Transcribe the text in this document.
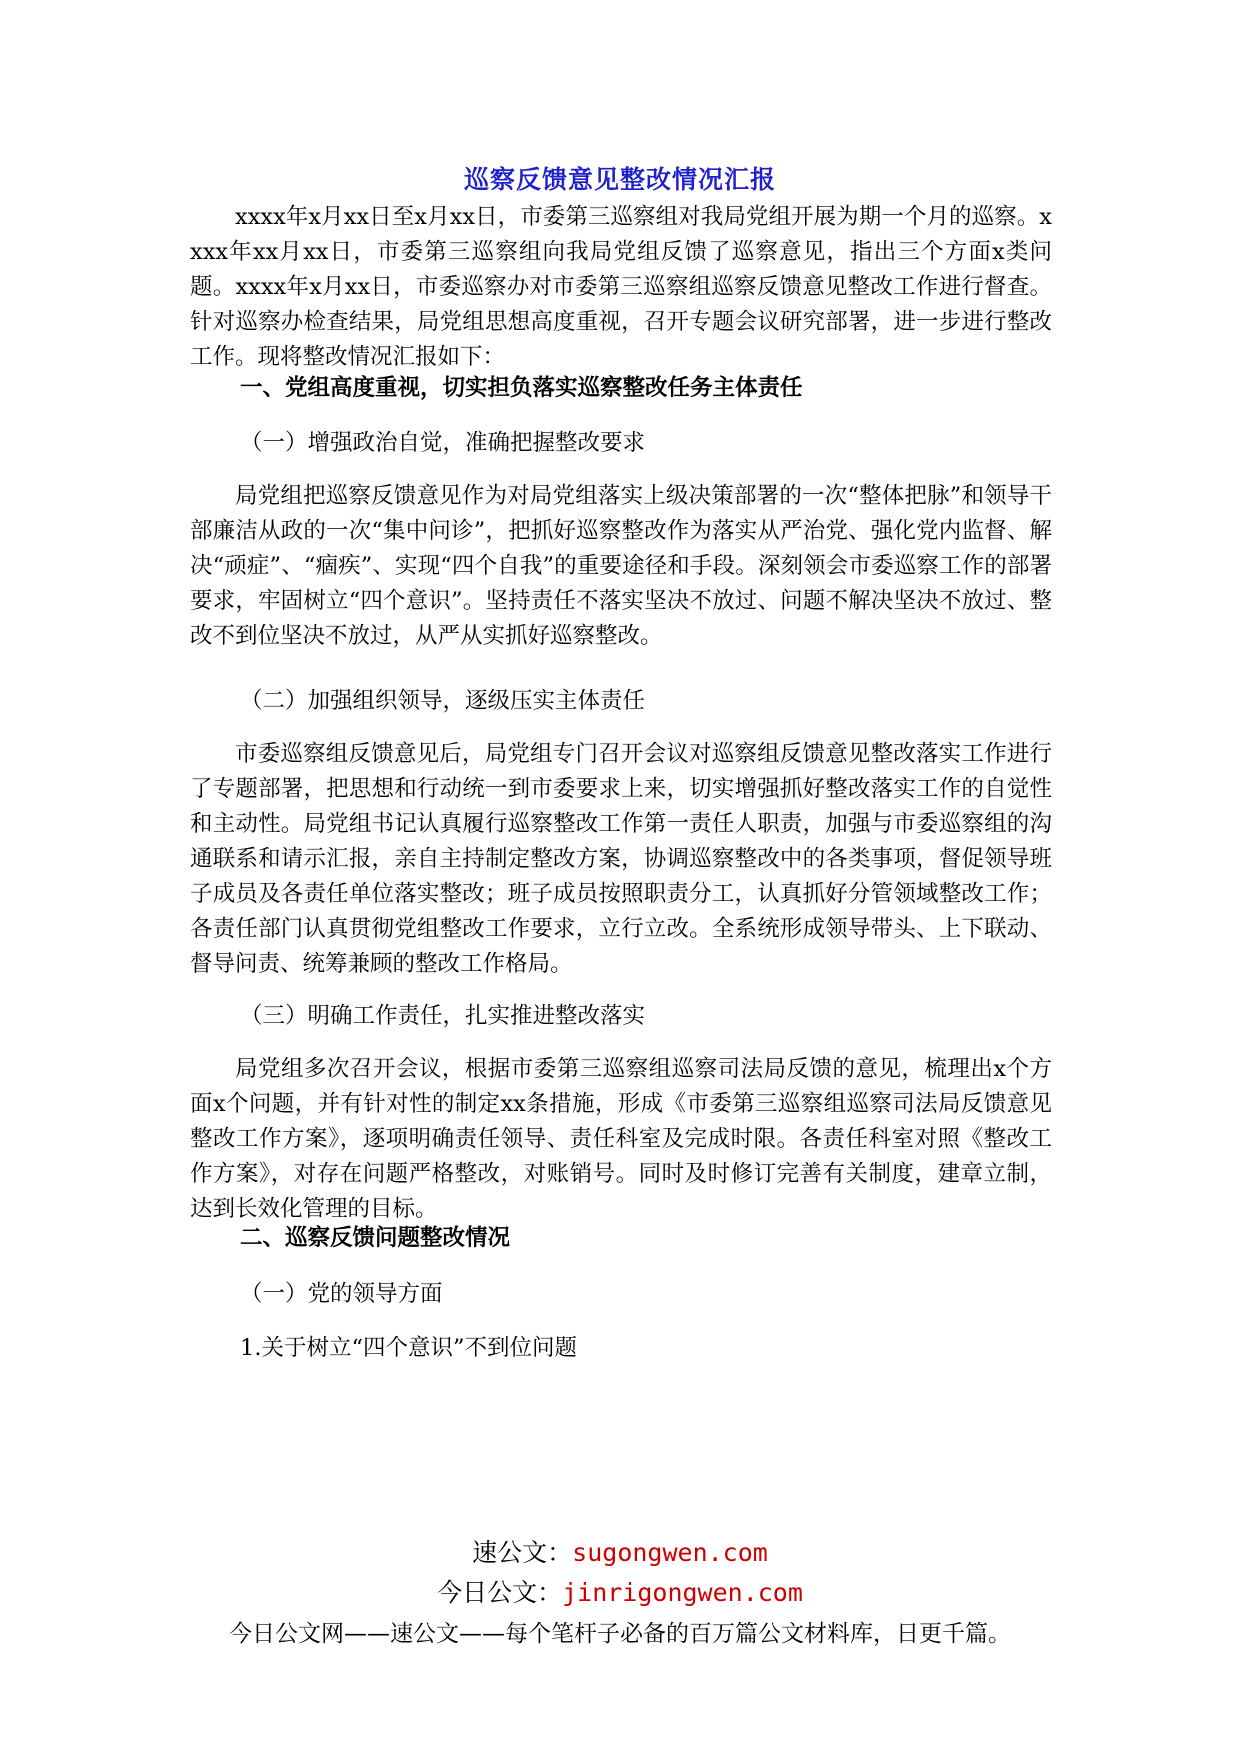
巡察反馈意见整改情况汇报

xxxx年x月xx日至x月xx日，市委第三巡察组对我局党组开展为期一个月的巡察。xxxx年xx月xx日，市委第三巡察组向我局党组反馈了巡察意见，指出三个方面x类问题。xxxx年x月xx日，市委巡察办对市委第三巡察组巡察反馈意见整改工作进行督查。针对巡察办检查结果，局党组思想高度重视，召开专题会议研究部署，进一步进行整改工作。现将整改情况汇报如下：

一、党组高度重视，切实担负落实巡察整改任务主体责任
（一）增强政治自觉，准确把握整改要求

局党组把巡察反馈意见作为对局党组落实上级决策部署的一次“整体把脉”和领导干部廉洁从政的一次“集中问诊”，把抓好巡察整改作为落实从严治党、强化党内监督、解决“顽症”、“痼疾”、实现“四个自我”的重要途径和手段。深刻领会市委巡察工作的部署要求，牢固树立“四个意识”。坚持责任不落实坚决不放过、问题不解决坚决不放过、整改不到位坚决不放过，从严从实抓好巡察整改。

（二）加强组织领导，逐级压实主体责任

市委巡察组反馈意见后，局党组专门召开会议对巡察组反馈意见整改落实工作进行了专题部署，把思想和行动统一到市委要求上来，切实增强抓好整改落实工作的自觉性和主动性。局党组书记认真履行巡察整改工作第一责任人职责，加强与市委巡察组的沟通联系和请示汇报，亲自主持制定整改方案，协调巡察整改中的各类事项，督促领导班子成员及各责任单位落实整改；班子成员按照职责分工，认真抓好分管领域整改工作；各责任部门认真贯彻党组整改工作要求，立行立改。全系统形成领导带头、上下联动、督导问责、统筹兼顾的整改工作格局。

（三）明确工作责任，扎实推进整改落实

局党组多次召开会议，根据市委第三巡察组巡察司法局反馈的意见，梳理出x个方面x个问题，并有针对性的制定xx条措施，形成《市委第三巡察组巡察司法局反馈意见整改工作方案》，逐项明确责任领导、责任科室及完成时限。各责任科室对照《整改工作方案》，对存在问题严格整改，对账销号。同时及时修订完善有关制度，建章立制，达到长效化管理的目标。

二、巡察反馈问题整改情况
（一）党的领导方面
1.关于树立“四个意识”不到位问题
速公文：sugongwen.com
今日公文：jinrigongwen.com
今日公文网——速公文——每个笔杆子必备的百万篇公文材料库，日更千篇。
